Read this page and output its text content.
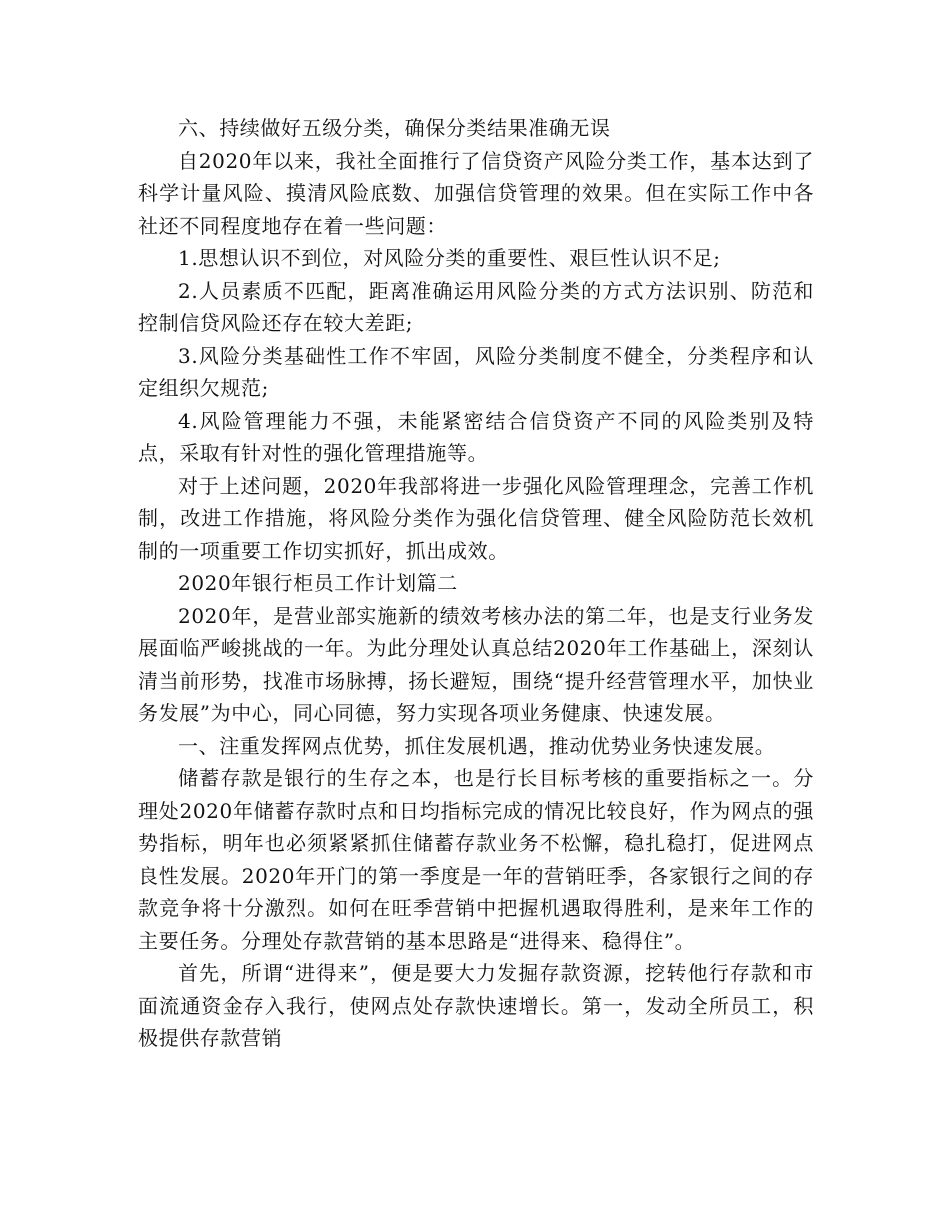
六、持续做好五级分类，确保分类结果准确无误

自2020年以来，我社全面推行了信贷资产风险分类工作，基本达到了科学计量风险、摸清风险底数、加强信贷管理的效果。但在实际工作中各社还不同程度地存在着一些问题：

1.思想认识不到位，对风险分类的重要性、艰巨性认识不足;

2.人员素质不匹配，距离准确运用风险分类的方式方法识别、防范和控制信贷风险还存在较大差距;

3.风险分类基础性工作不牢固，风险分类制度不健全，分类程序和认定组织欠规范;

4.风险管理能力不强，未能紧密结合信贷资产不同的风险类别及特点，采取有针对性的强化管理措施等。

对于上述问题，2020年我部将进一步强化风险管理理念，完善工作机制，改进工作措施，将风险分类作为强化信贷管理、健全风险防范长效机制的一项重要工作切实抓好，抓出成效。

2020年银行柜员工作计划篇二

2020年，是营业部实施新的绩效考核办法的第二年，也是支行业务发展面临严峻挑战的一年。为此分理处认真总结2020年工作基础上，深刻认清当前形势，找准市场脉搏，扬长避短，围绕“提升经营管理水平，加快业务发展”为中心，同心同德，努力实现各项业务健康、快速发展。

一、注重发挥网点优势，抓住发展机遇，推动优势业务快速发展。

储蓄存款是银行的生存之本，也是行长目标考核的重要指标之一。分理处2020年储蓄存款时点和日均指标完成的情况比较良好，作为网点的强势指标，明年也必须紧紧抓住储蓄存款业务不松懈，稳扎稳打，促进网点良性发展。2020年开门的第一季度是一年的营销旺季，各家银行之间的存款竞争将十分激烈。如何在旺季营销中把握机遇取得胜利，是来年工作的主要任务。分理处存款营销的基本思路是“进得来、稳得住”。

首先，所谓“进得来”，便是要大力发掘存款资源，挖转他行存款和市面流通资金存入我行，使网点处存款快速增长。第一，发动全所员工，积极提供存款营销
